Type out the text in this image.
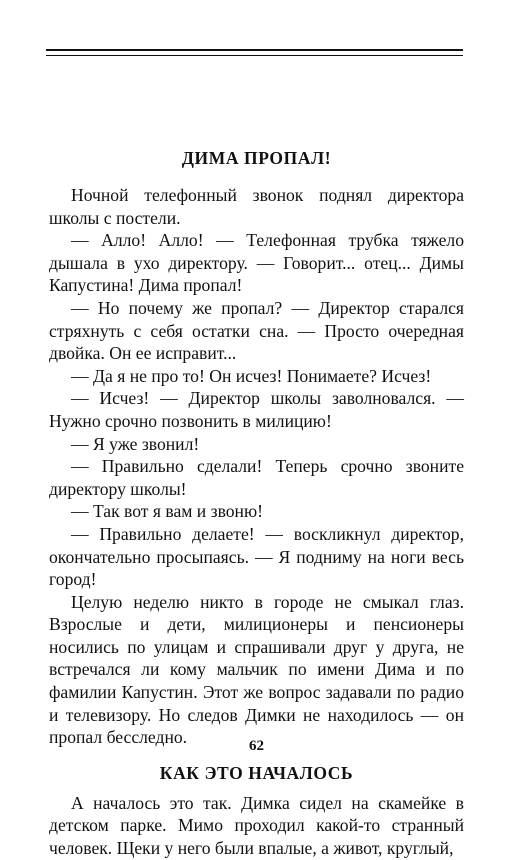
ДИМА ПРОПАЛ!

Ночной телефонный звонок поднял директора школы с постели.

— Алло! Алло! — Телефонная трубка тяжело дышала в ухо директору. — Говорит... отец... Димы Капустина! Дима пропал!

— Но почему же пропал? — Директор старался стряхнуть с себя остатки сна. — Просто очередная двойка. Он ее исправит...

— Да я не про то! Он исчез! Понимаете? Исчез!

— Исчез! — Директор школы заволновался. — Нужно срочно позвонить в милицию!

— Я уже звонил!

— Правильно сделали! Теперь срочно звоните директору школы!

— Так вот я вам и звоню!

— Правильно делаете! — воскликнул директор, окончательно просыпаясь. — Я подниму на ноги весь город!

Целую неделю никто в городе не смыкал глаз. Взрослые и дети, милиционеры и пенсионеры носились по улицам и спрашивали друг у друга, не встречался ли кому мальчик по имени Дима и по фамилии Капустин. Этот же вопрос задавали по радио и телевизору. Но следов Димки не находилось — он пропал бесследно.

КАК ЭТО НАЧАЛОСЬ

А началось это так. Димка сидел на скамейке в детском парке. Мимо проходил какой-то странный человек. Щеки у него были впалые, а живот, круглый,

62
